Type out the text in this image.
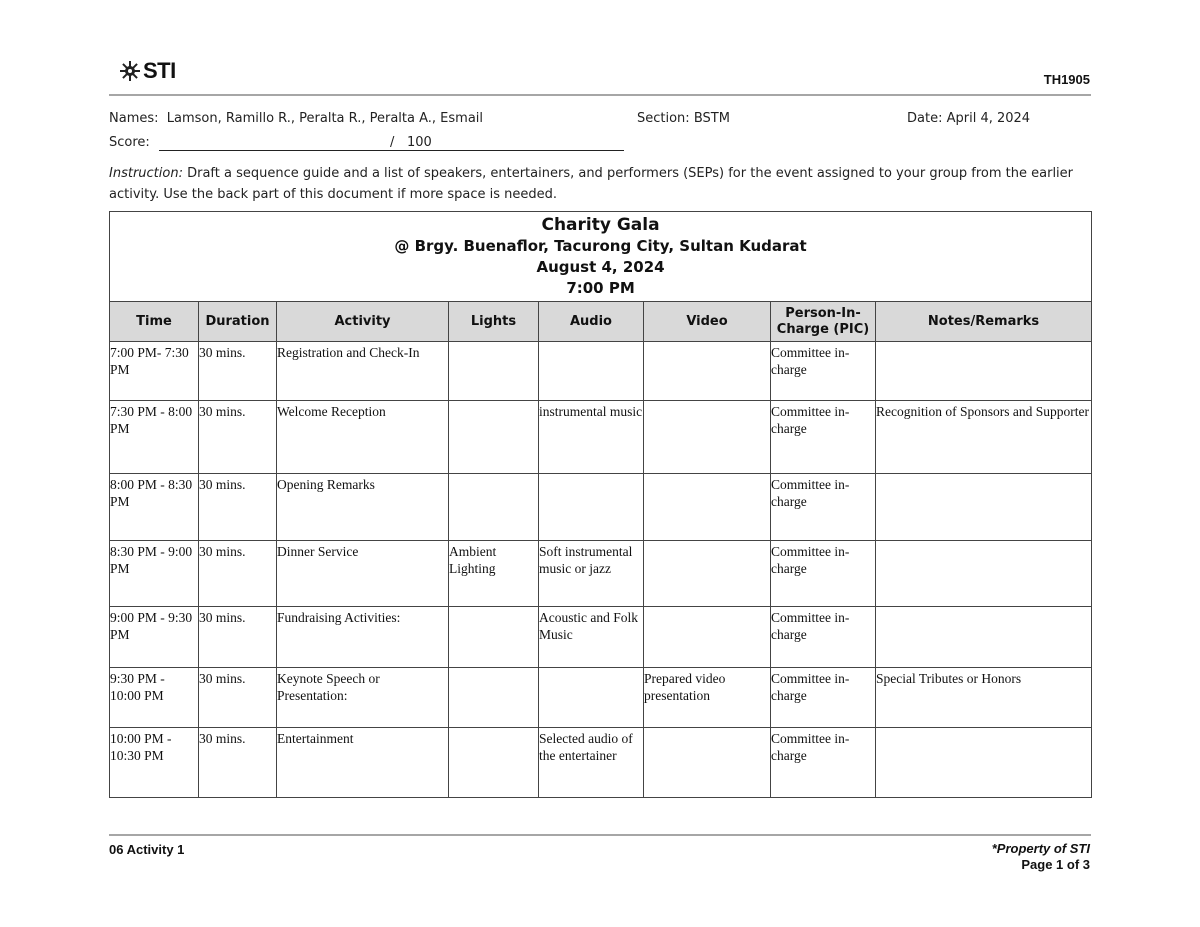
STI	TH1905
Names: Lamson, Ramillo R., Peralta R., Peralta A., Esmail	Section: BSTM	Date: April 4, 2024
Score:	/ 100
Instruction: Draft a sequence guide and a list of speakers, entertainers, and performers (SEPs) for the event assigned to your group from the earlier activity. Use the back part of this document if more space is needed.
Charity Gala
@ Brgy. Buenaflor, Tacurong City, Sultan Kudarat
August 4, 2024
7:00 PM							

Time	Duration	Activity	Lights	Audio	Video	Person-In-Charge (PIC)	Notes/Remarks
7:00 PM- 7:30 PM	30 mins.	Registration and Check-In				Committee in-charge	
7:30 PM - 8:00 PM	30 mins.	Welcome Reception		instrumental music		Committee in-charge	Recognition of Sponsors and Supporter
8:00 PM - 8:30 PM	30 mins.	Opening Remarks				Committee in-charge	
8:30 PM - 9:00 PM	30 mins.	Dinner Service	Ambient Lighting	Soft instrumental music or jazz		Committee in-charge	
9:00 PM - 9:30 PM	30 mins.	Fundraising Activities:		Acoustic and Folk Music		Committee in-charge	
9:30 PM - 10:00 PM	30 mins.	Keynote Speech or Presentation:			Prepared video presentation	Committee in-charge	Special Tributes or Honors
10:00 PM - 10:30 PM	30 mins.	Entertainment		Selected audio of the entertainer		Committee in-charge	
06 Activity 1	*Property of STI
Page 1 of 3
